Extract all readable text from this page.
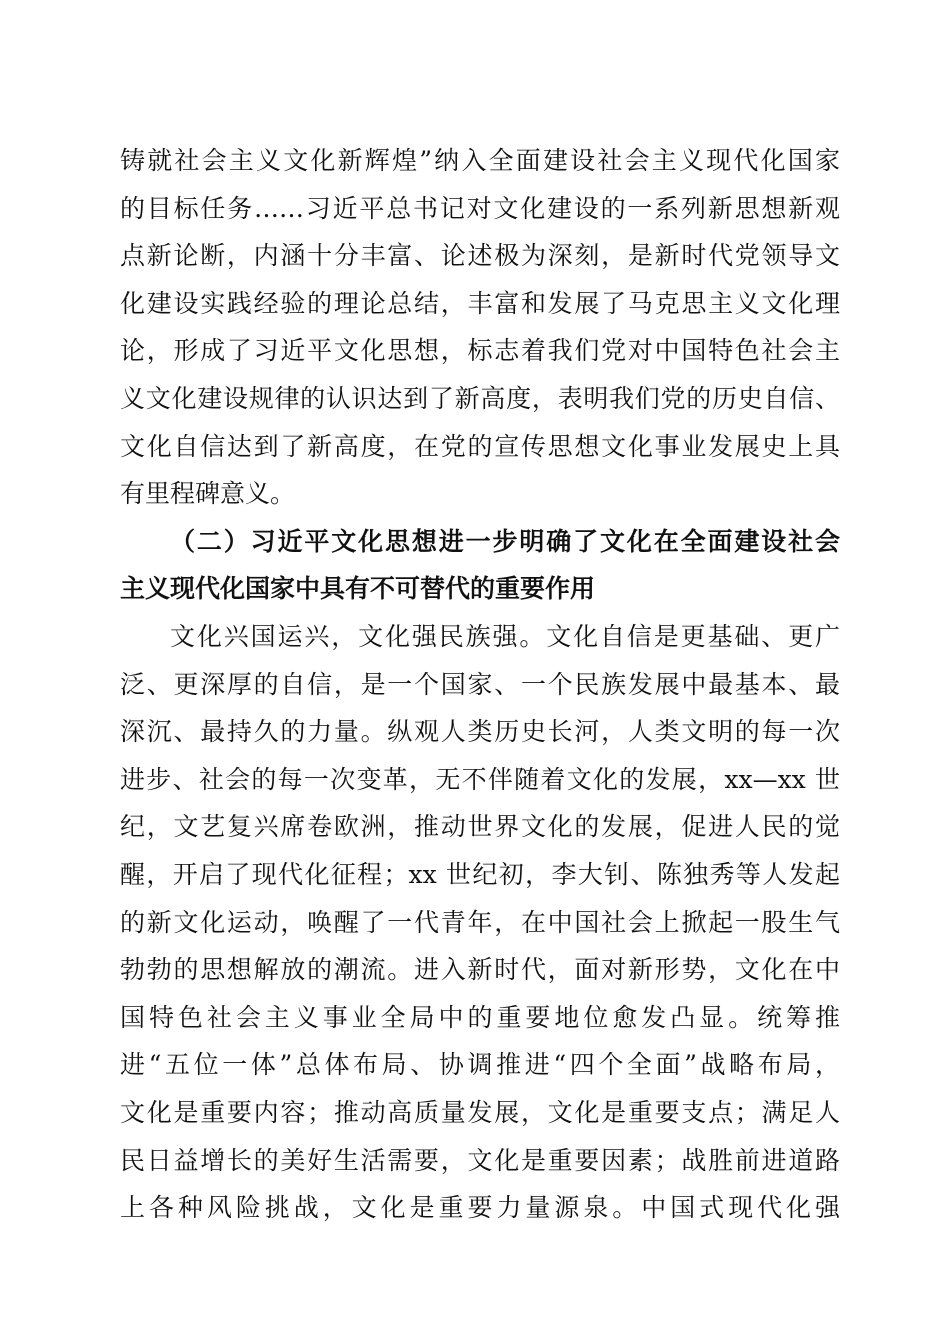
铸就社会主义文化新辉煌”纳入全面建设社会主义现代化国家
的目标任务……习近平总书记对文化建设的一系列新思想新观
点新论断，内涵十分丰富、论述极为深刻，是新时代党领导文
化建设实践经验的理论总结，丰富和发展了马克思主义文化理
论，形成了习近平文化思想，标志着我们党对中国特色社会主
义文化建设规律的认识达到了新高度，表明我们党的历史自信、
文化自信达到了新高度，在党的宣传思想文化事业发展史上具
有里程碑意义。
（二）习近平文化思想进一步明确了文化在全面建设社会
主义现代化国家中具有不可替代的重要作用
文化兴国运兴，文化强民族强。文化自信是更基础、更广
泛、更深厚的自信，是一个国家、一个民族发展中最基本、最
深沉、最持久的力量。纵观人类历史长河，人类文明的每一次
进步、社会的每一次变革，无不伴随着文化的发展，xx—xx 世
纪，文艺复兴席卷欧洲，推动世界文化的发展，促进人民的觉
醒，开启了现代化征程；xx 世纪初，李大钊、陈独秀等人发起
的新文化运动，唤醒了一代青年，在中国社会上掀起一股生气
勃勃的思想解放的潮流。进入新时代，面对新形势，文化在中
国特色社会主义事业全局中的重要地位愈发凸显。统筹推
进“五位一体”总体布局、协调推进“四个全面”战略布局，
文化是重要内容；推动高质量发展，文化是重要支点；满足人
民日益增长的美好生活需要，文化是重要因素；战胜前进道路
上各种风险挑战，文化是重要力量源泉。中国式现代化强
